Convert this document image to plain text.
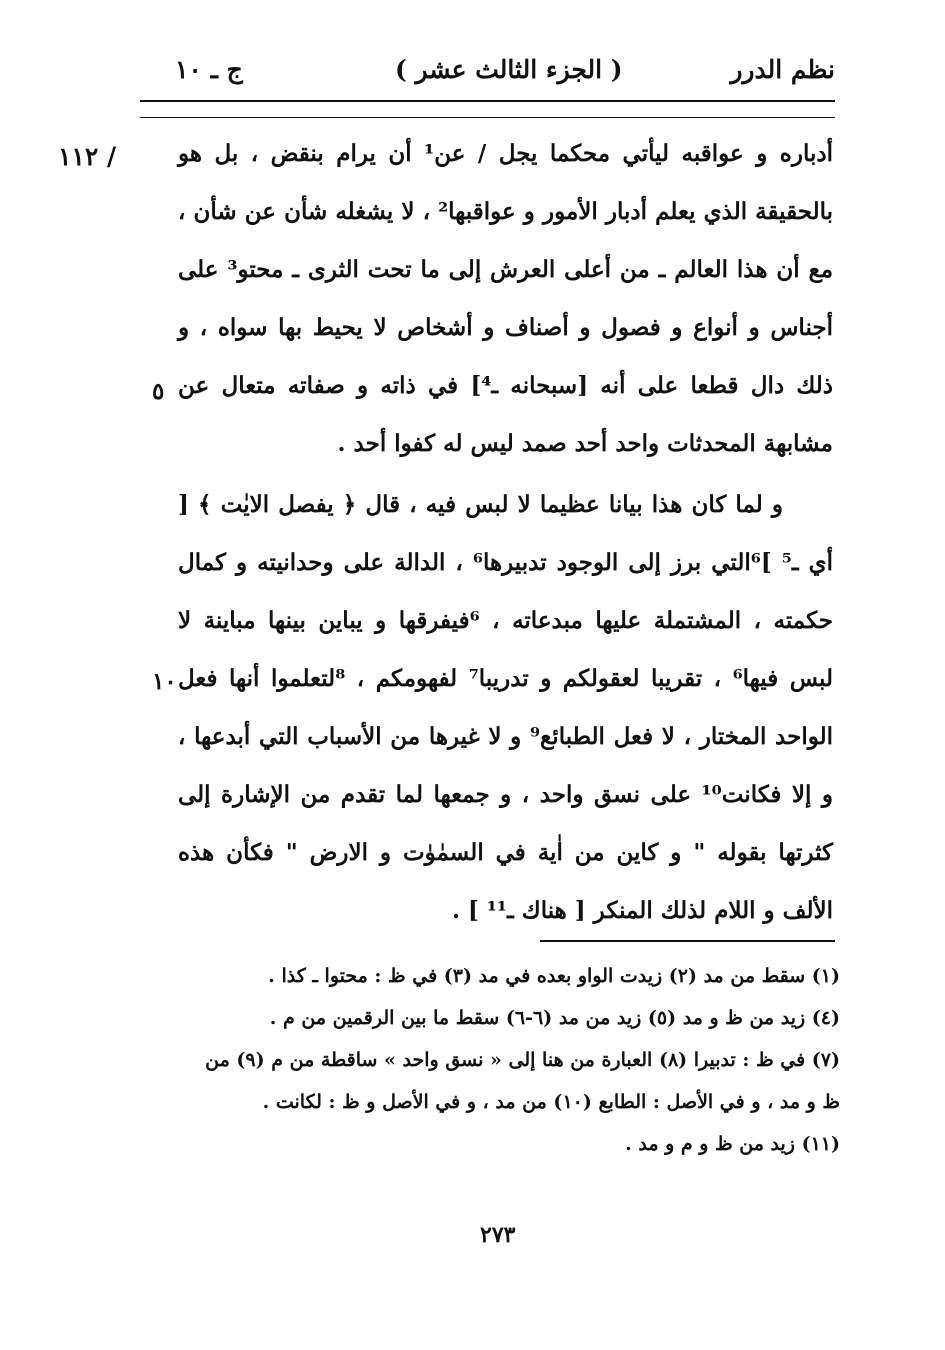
ج ـ ١٠	( الجزء الثالث عشر )	نظم الدرر
/ ١١٢
٥
١٠
أدباره و عواقبه ليأتي محكما يجل / عن¹ أن يرام بنقض ، بل هو بالحقيقة الذي يعلم أدبار الأمور و عواقبها² ، لا يشغله شأن عن شأن ، مع أن هذا العالم ـ من أعلى العرش إلى ما تحت الثرى ـ محتو³ على أجناس و أنواع و فصول و أصناف و أشخاص لا يحيط بها سواه ، و ذلك دال قطعا على أنه [سبحانه ـ⁴] في ذاته و صفاته متعال عن مشابهة المحدثات واحد أحد صمد ليس له كفوا أحد .
و لما كان هذا بيانا عظيما لا لبس فيه ، قال ﴿ يفصل الايٰت ﴾ [ أي ـ⁵ ]⁶التي برز إلى الوجود تدبيرها⁶ ، الدالة على وحدانيته و كمال حكمته ، المشتملة عليها مبدعاته ، ⁶فيفرقها و يباين بينها مباينة لا لبس فيها⁶ ، تقريبا لعقولكم و تدريبا⁷ لفهومكم ، ⁸لتعلموا أنها فعل الواحد المختار ، لا فعل الطبائع⁹ و لا غيرها من الأسباب التي أبدعها ، و إلا فكانت¹⁰ على نسق واحد ، و جمعها لما تقدم من الإشارة إلى كثرتها بقوله " و كاين من اٰية في السمٰوٰت و الارض " فكأن هذه الألف و اللام لذلك المنكر [ هناك ـ¹¹ ] .
(١) سقط من مد (٢) زيدت الواو بعده في مد (٣) في ظ : محتوا ـ كذا .
(٤) زيد من ظ و مد (٥) زيد من مد (٦-٦) سقط ما بين الرقمين من م .
(٧) في ظ : تدبيرا (٨) العبارة من هنا إلى « نسق واحد » ساقطة من م (٩) من
ظ و مد ، و في الأصل : الطابع (١٠) من مد ، و في الأصل و ظ : لكانت .
(١١) زيد من ظ و م و مد .
٢٧٣
